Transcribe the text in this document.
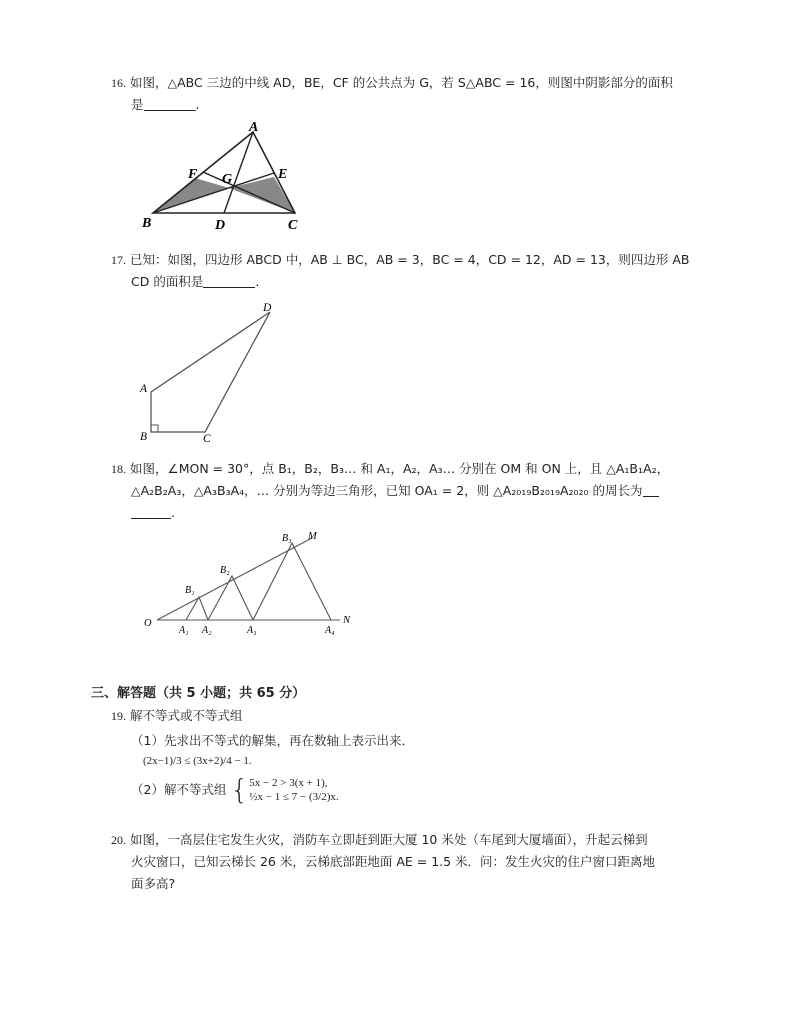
16. 如图，△ABC 三边的中线 AD，BE，CF 的公共点为 G，若 S△ABC = 16，则图中阴影部分的面积
是	.
A
B	C
D
E
F G
17. 已知：如图，四边形 ABCD 中，AB ⊥ BC，AB = 3，BC = 4，CD = 12，AD = 13，则四边形 AB
CD 的面积是	.
D
A
B	C
18. 如图，∠MON = 30°，点 B₁，B₂，B₃… 和 A₁，A₂，A₃… 分别在 OM 和 ON 上，且 △A₁B₁A₂，
△A₂B₂A₃，△A₃B₃A₄，… 分别为等边三角形，已知 OA₁ = 2，则 △A₂₀₁₉B₂₀₁₉A₂₀₂₀ 的周长为
.
O
M
N
B₁
B₂
B₃
A₁ A₂	A₃	A₄
三、解答题（共 5 小题；共 65 分）
19. 解不等式或不等式组
（1）先求出不等式的解集，再在数轴上表示出来．
(2x−1)/3 ≤ (3x+2)/4 − 1.
（2）解不等式组 { 5x − 2 > 3(x + 1),
½x − 1 ≤ 7 − (3/2)x.
20. 如图，一高层住宅发生火灾，消防车立即赶到距大厦 10 米处（车尾到大厦墙面），升起云梯到
火灾窗口，已知云梯长 26 米，云梯底部距地面 AE = 1.5 米．问：发生火灾的住户窗口距离地
面多高?
